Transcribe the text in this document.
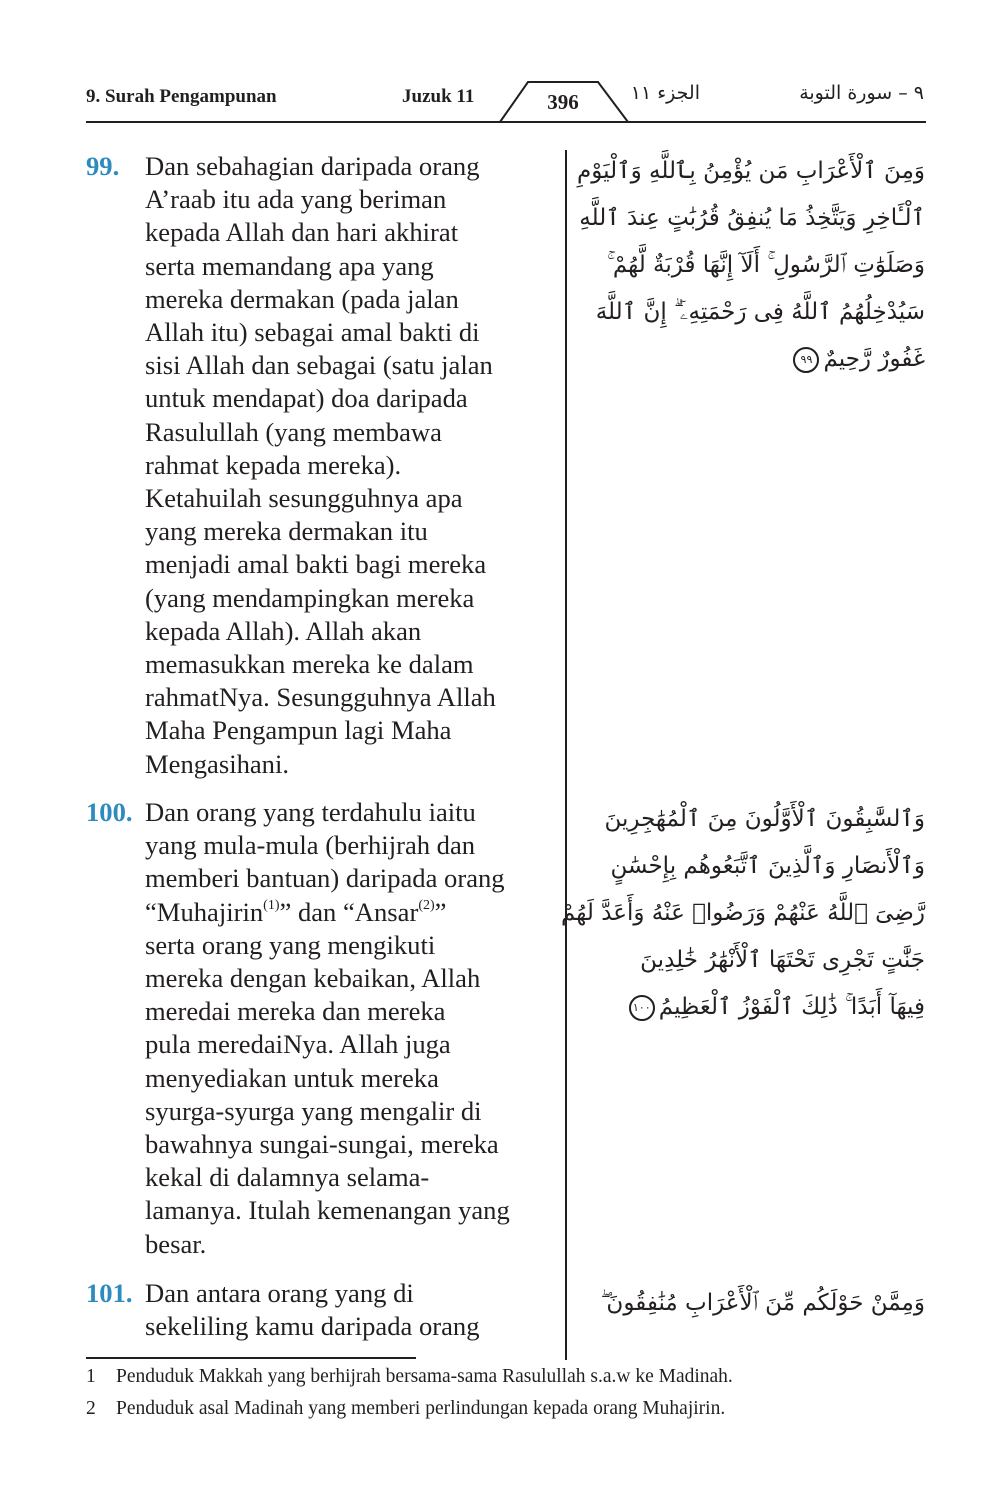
9. Surah Pengampunan	Juzuk 11	396	الجزء ١١	٩ – سورة التوبة
99. Dan sebahagian daripada orang
A’raab itu ada yang beriman
kepada Allah dan hari akhirat
serta memandang apa yang
mereka dermakan (pada jalan
Allah itu) sebagai amal bakti di
sisi Allah dan sebagai (satu jalan
untuk mendapat) doa daripada
Rasulullah (yang membawa
rahmat kepada mereka).
Ketahuilah sesungguhnya apa
yang mereka dermakan itu
menjadi amal bakti bagi mereka
(yang mendampingkan mereka
kepada Allah). Allah akan
memasukkan mereka ke dalam
rahmatNya. Sesungguhnya Allah
Maha Pengampun lagi Maha
Mengasihani.
وَمِنَ ٱلْأَعْرَابِ مَن يُؤْمِنُ بِٱللَّهِ وَٱلْيَوْمِ
ٱلْـَٔاخِرِ وَيَتَّخِذُ مَا يُنفِقُ قُرُبَٰتٍ عِندَ ٱللَّهِ
وَصَلَوَٰتِ ٱلرَّسُولِ ۚ أَلَآ إِنَّهَا قُرْبَةٌ لَّهُمْ ۚ
سَيُدْخِلُهُمُ ٱللَّهُ فِى رَحْمَتِهِۦٓ ۗ إِنَّ ٱللَّهَ
غَفُورٌ رَّحِيمٌ٩٩
100. Dan orang yang terdahulu iaitu
yang mula-mula (berhijrah dan
memberi bantuan) daripada orang
“Muhajirin$^{(1)}$” dan “Ansar$^{(2)}$”
serta orang yang mengikuti
mereka dengan kebaikan, Allah
meredai mereka dan mereka
pula meredaiNya. Allah juga
menyediakan untuk mereka
syurga-syurga yang mengalir di
bawahnya sungai-sungai, mereka
kekal di dalamnya selama-
lamanya. Itulah kemenangan yang
besar.
وَٱلسَّٰبِقُونَ ٱلْأَوَّلُونَ مِنَ ٱلْمُهَٰجِرِينَ
وَٱلْأَنصَارِ وَٱلَّذِينَ ٱتَّبَعُوهُم بِإِحْسَٰنٍ
رَّضِىَ ٱللَّهُ عَنْهُمْ وَرَضُوا۟ عَنْهُ وَأَعَدَّ لَهُمْ
جَنَّٰتٍ تَجْرِى تَحْتَهَا ٱلْأَنْهَٰرُ خَٰلِدِينَ
فِيهَآ أَبَدًا ۚ ذَٰلِكَ ٱلْفَوْزُ ٱلْعَظِيمُ١٠٠
101. Dan antara orang yang di
sekeliling kamu daripada orang
وَمِمَّنْ حَوْلَكُم مِّنَ ٱلْأَعْرَابِ مُنَٰفِقُونَ ۖ
1 Penduduk Makkah yang berhijrah bersama-sama Rasulullah s.a.w ke Madinah.
2 Penduduk asal Madinah yang memberi perlindungan kepada orang Muhajirin.
